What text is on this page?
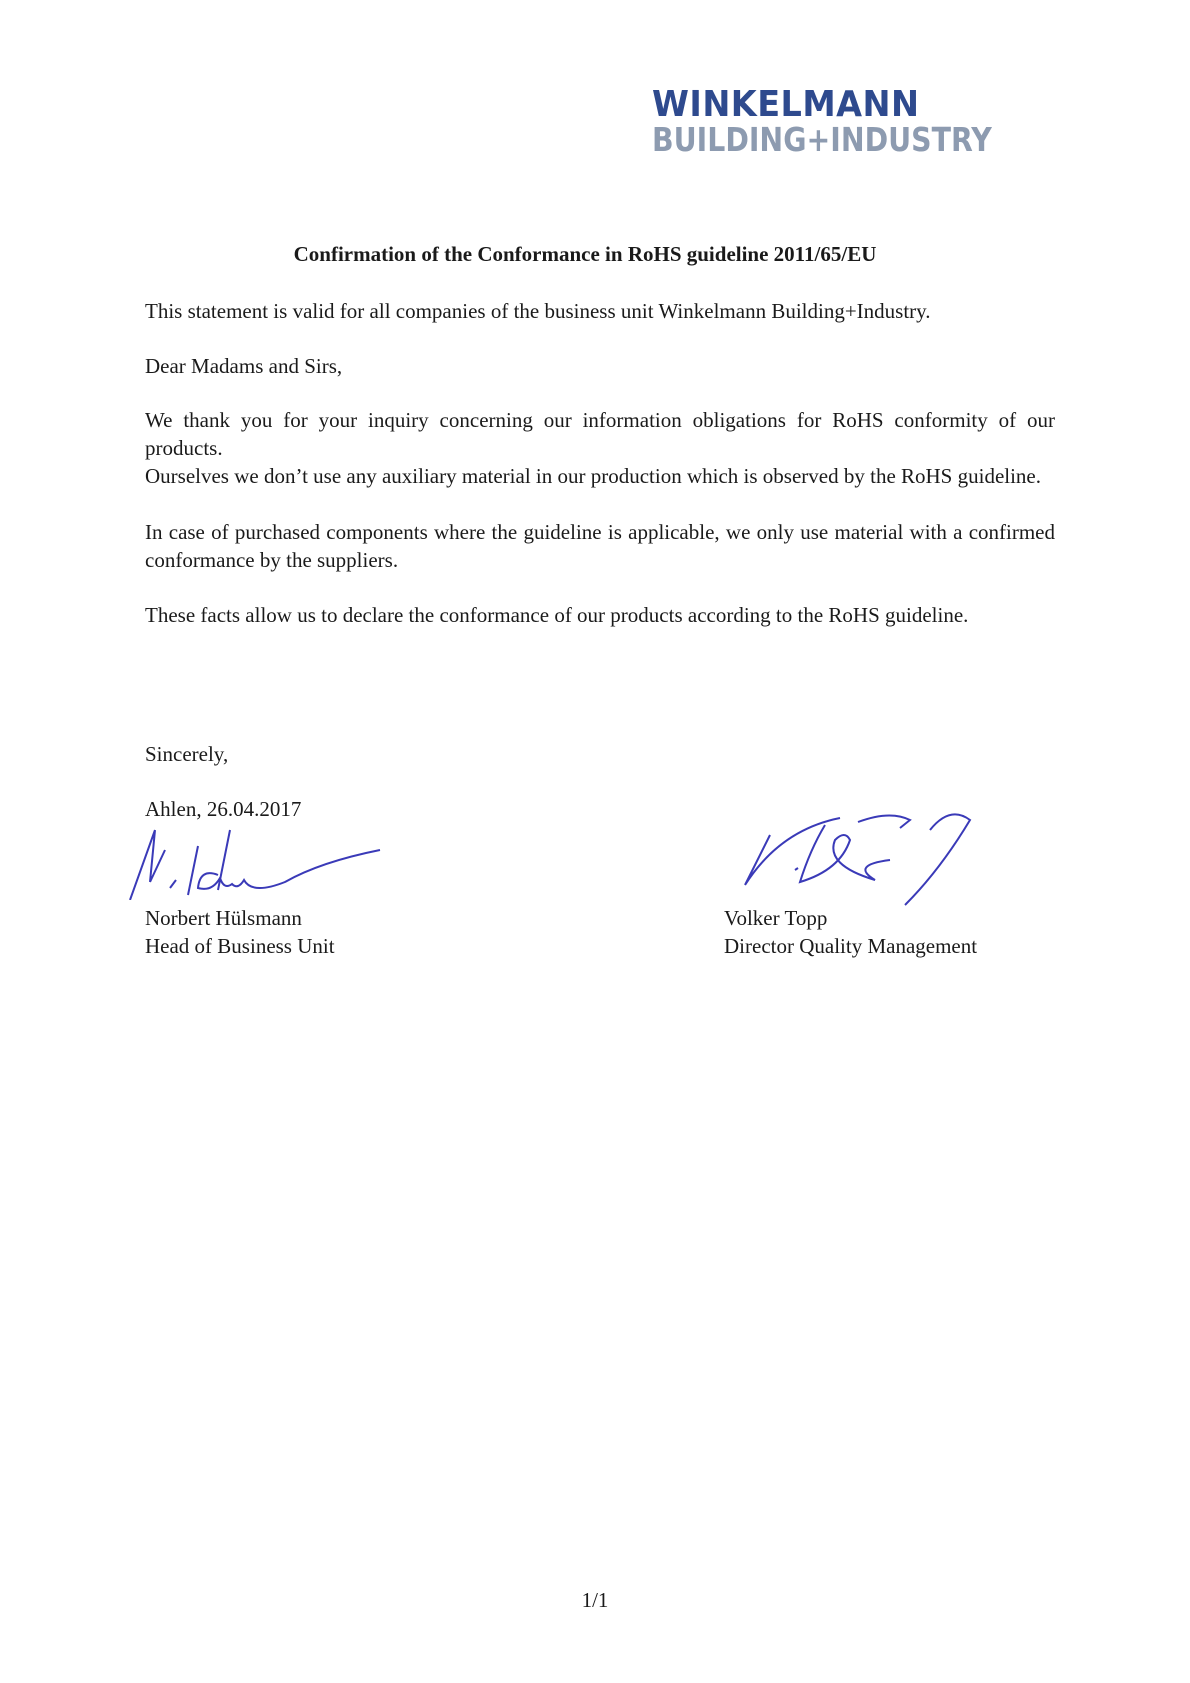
WINKELMANN
BUILDING+INDUSTRY
Confirmation of the Conformance in RoHS guideline 2011/65/EU
This statement is valid for all companies of the business unit Winkelmann Building+Industry.
Dear Madams and Sirs,
We thank you for your inquiry concerning our information obligations for RoHS conformity of our products.
Ourselves we don’t use any auxiliary material in our production which is observed by the RoHS guideline.
In case of purchased components where the guideline is applicable, we only use material with a confirmed conformance by the suppliers.
These facts allow us to declare the conformance of our products according to the RoHS guideline.
Sincerely,
Ahlen, 26.04.2017
Norbert Hülsmann
Head of Business Unit
Volker Topp
Director Quality Management
1/1
